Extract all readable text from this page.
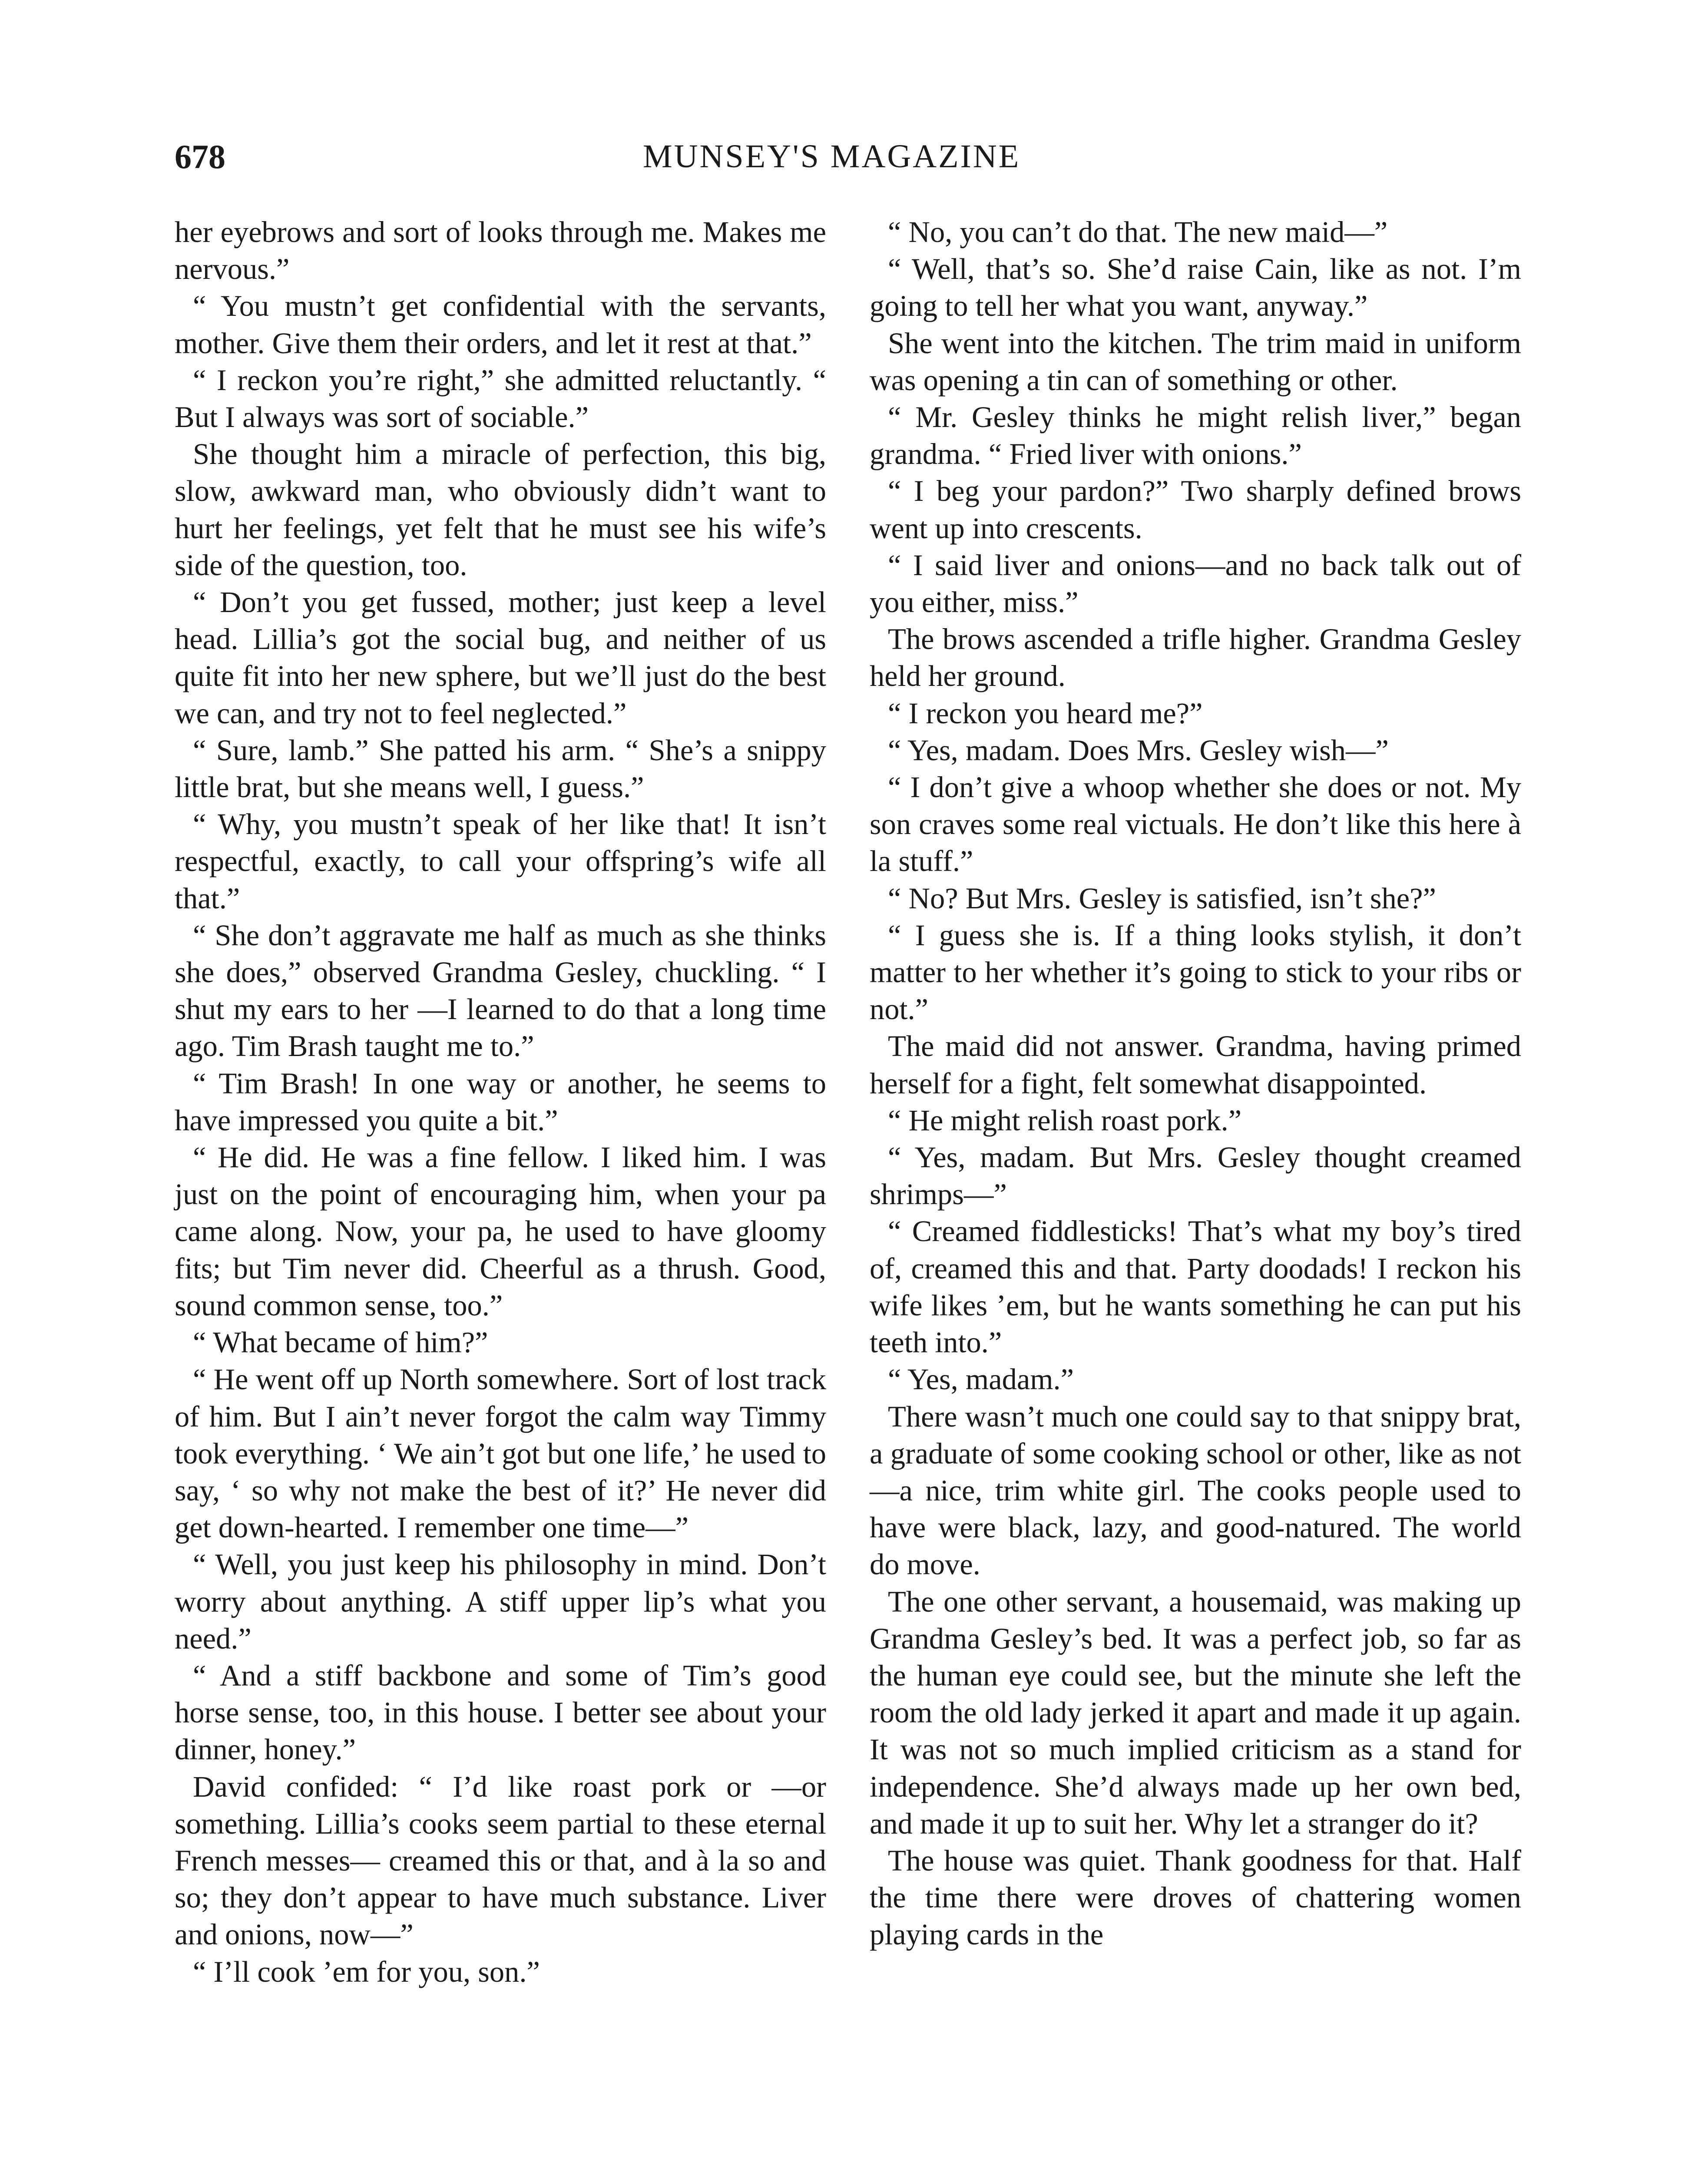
678	MUNSEY'S MAGAZINE

her eyebrows and sort of looks through me. Makes me nervous.”

“ You mustn’t get confidential with the servants, mother. Give them their orders, and let it rest at that.”

“ I reckon you’re right,” she admitted reluctantly. “ But I always was sort of sociable.”

She thought him a miracle of perfection, this big, slow, awkward man, who obviously didn’t want to hurt her feelings, yet felt that he must see his wife’s side of the question, too.

“ Don’t you get fussed, mother; just keep a level head. Lillia’s got the social bug, and neither of us quite fit into her new sphere, but we’ll just do the best we can, and try not to feel neglected.”

“ Sure, lamb.” She patted his arm. “ She’s a snippy little brat, but she means well, I guess.”

“ Why, you mustn’t speak of her like that! It isn’t respectful, exactly, to call your offspring’s wife all that.”

“ She don’t aggravate me half as much as she thinks she does,” observed Grandma Gesley, chuckling. “ I shut my ears to her —I learned to do that a long time ago. Tim Brash taught me to.”

“ Tim Brash! In one way or another, he seems to have impressed you quite a bit.”

“ He did. He was a fine fellow. I liked him. I was just on the point of encouraging him, when your pa came along. Now, your pa, he used to have gloomy fits; but Tim never did. Cheerful as a thrush. Good, sound common sense, too.”

“ What became of him?”

“ He went off up North somewhere. Sort of lost track of him. But I ain’t never forgot the calm way Timmy took everything. ‘ We ain’t got but one life,’ he used to say, ‘ so why not make the best of it?’ He never did get down-hearted. I remember one time—”

“ Well, you just keep his philosophy in mind. Don’t worry about anything. A stiff upper lip’s what you need.”

“ And a stiff backbone and some of Tim’s good horse sense, too, in this house. I better see about your dinner, honey.”

David confided: “ I’d like roast pork or —or something. Lillia’s cooks seem partial to these eternal French messes— creamed this or that, and à la so and so; they don’t appear to have much substance. Liver and onions, now—”

“ I’ll cook ’em for you, son.”

“ No, you can’t do that. The new maid—”

“ Well, that’s so. She’d raise Cain, like as not. I’m going to tell her what you want, anyway.”

She went into the kitchen. The trim maid in uniform was opening a tin can of something or other.

“ Mr. Gesley thinks he might relish liver,” began grandma. “ Fried liver with onions.”

“ I beg your pardon?” Two sharply defined brows went up into crescents.

“ I said liver and onions—and no back talk out of you either, miss.”

The brows ascended a trifle higher. Grandma Gesley held her ground.

“ I reckon you heard me?”

“ Yes, madam. Does Mrs. Gesley wish—”

“ I don’t give a whoop whether she does or not. My son craves some real victuals. He don’t like this here à la stuff.”

“ No? But Mrs. Gesley is satisfied, isn’t she?”

“ I guess she is. If a thing looks stylish, it don’t matter to her whether it’s going to stick to your ribs or not.”

The maid did not answer. Grandma, having primed herself for a fight, felt somewhat disappointed.

“ He might relish roast pork.”

“ Yes, madam. But Mrs. Gesley thought creamed shrimps—”

“ Creamed fiddlesticks! That’s what my boy’s tired of, creamed this and that. Party doodads! I reckon his wife likes ’em, but he wants something he can put his teeth into.”

“ Yes, madam.”

There wasn’t much one could say to that snippy brat, a graduate of some cooking school or other, like as not—a nice, trim white girl. The cooks people used to have were black, lazy, and good-natured. The world do move.

The one other servant, a housemaid, was making up Grandma Gesley’s bed. It was a perfect job, so far as the human eye could see, but the minute she left the room the old lady jerked it apart and made it up again. It was not so much implied criticism as a stand for independence. She’d always made up her own bed, and made it up to suit her. Why let a stranger do it?

The house was quiet. Thank goodness for that. Half the time there were droves of chattering women playing cards in the
